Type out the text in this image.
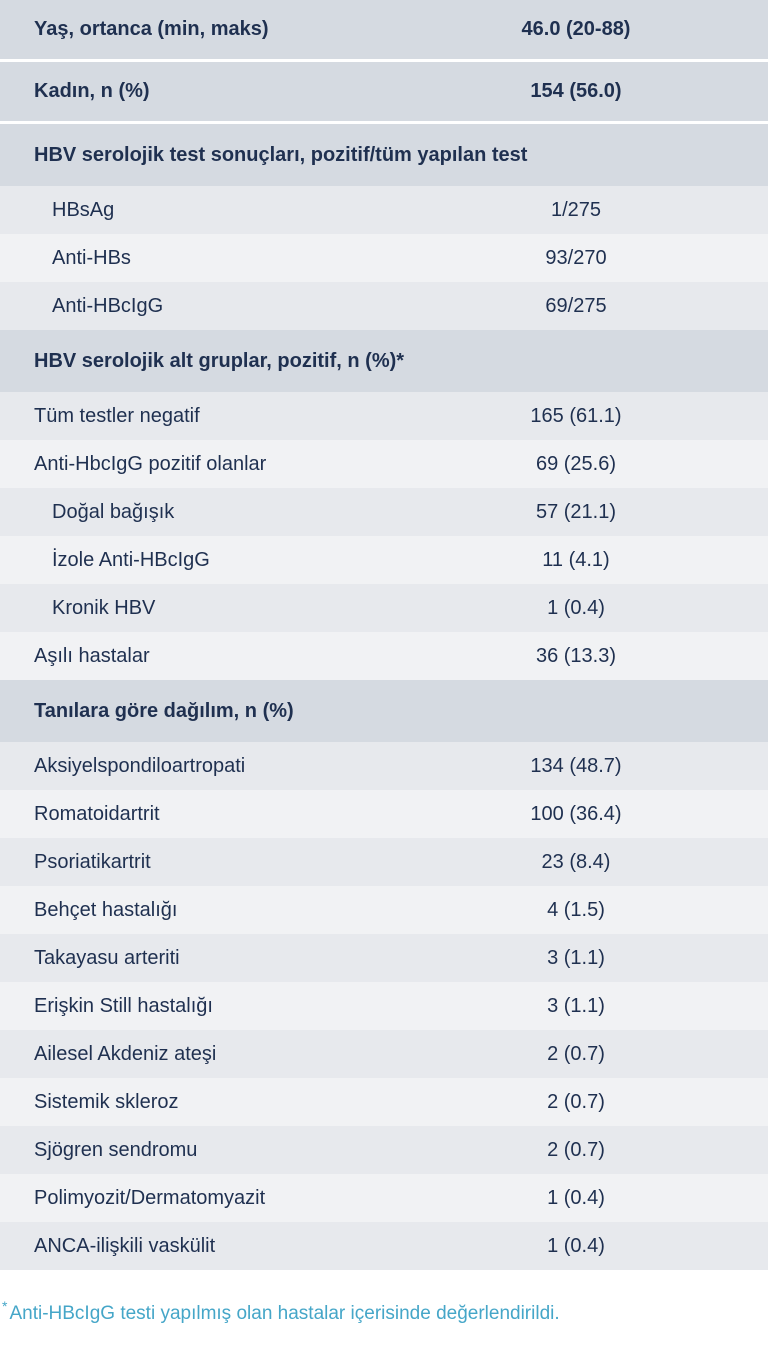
Yaş, ortanca (min, maks)	46.0 (20-88)
Kadın, n (%)	154 (56.0)
HBV serolojik test sonuçları, pozitif/tüm yapılan test
HBsAg	1/275
Anti-HBs	93/270
Anti-HBcIgG	69/275
HBV serolojik alt gruplar, pozitif, n (%)*
Tüm testler negatif	165 (61.1)
Anti-HbcIgG pozitif olanlar	69 (25.6)
Doğal bağışık	57 (21.1)
İzole Anti-HBcIgG	11 (4.1)
Kronik HBV	1 (0.4)
Aşılı hastalar	36 (13.3)
Tanılara göre dağılım, n (%)
Aksiyelspondiloartropati	134 (48.7)
Romatoidartrit	100 (36.4)
Psoriatikartrit	23 (8.4)
Behçet hastalığı	4 (1.5)
Takayasu arteriti	3 (1.1)
Erişkin Still hastalığı	3 (1.1)
Ailesel Akdeniz ateşi	2 (0.7)
Sistemik skleroz	2 (0.7)
Sjögren sendromu	2 (0.7)
Polimyozit/Dermatomyazit	1 (0.4)
ANCA-ilişkili vaskülit	1 (0.4)
* Anti-HBcIgG testi yapılmış olan hastalar içerisinde değerlendirildi.
